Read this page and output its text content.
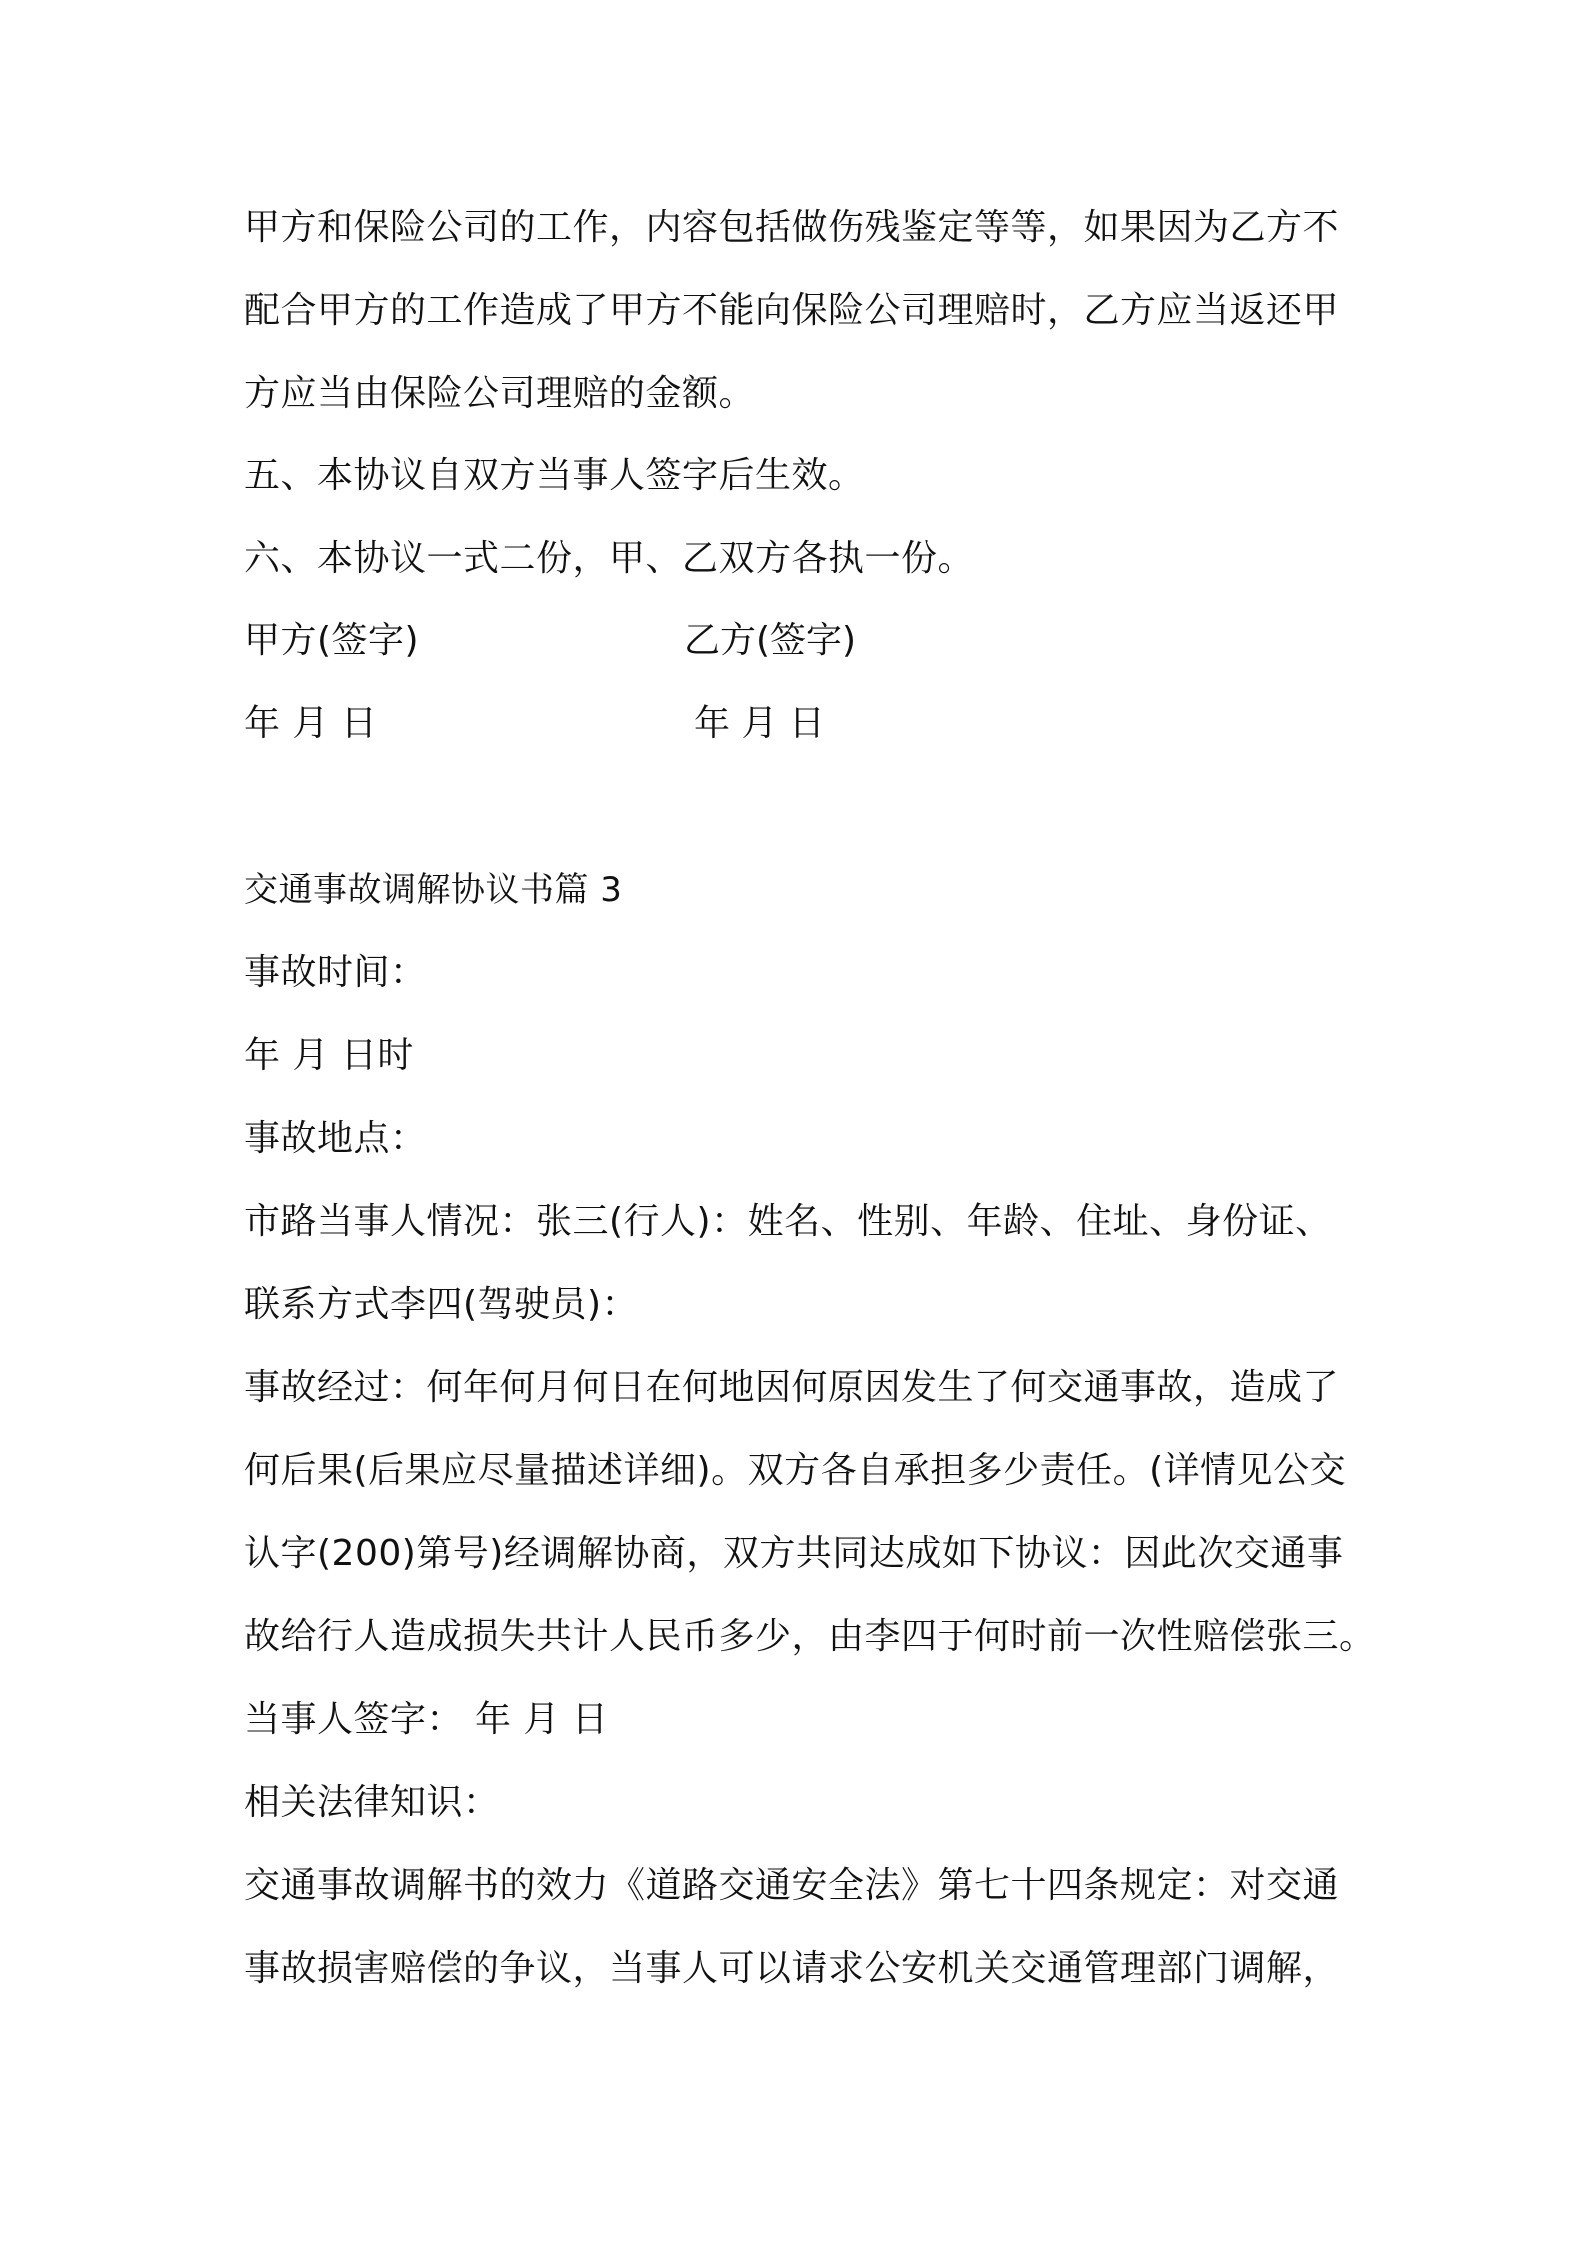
甲方和保险公司的工作，内容包括做伤残鉴定等等，如果因为乙方不
配合甲方的工作造成了甲方不能向保险公司理赔时，乙方应当返还甲
方应当由保险公司理赔的金额。
五、本协议自双方当事人签字后生效。
六、本协议一式二份，甲、乙双方各执一份。
甲方(签字)	乙方(签字)
年 月 日	年 月 日
交通事故调解协议书篇 3
事故时间：
年 月 日时
事故地点：
市路当事人情况：张三(行人)：姓名、性别、年龄、住址、身份证、
联系方式李四(驾驶员)：
事故经过：何年何月何日在何地因何原因发生了何交通事故，造成了
何后果(后果应尽量描述详细)。双方各自承担多少责任。(详情见公交
认字(200)第号)经调解协商，双方共同达成如下协议：因此次交通事
故给行人造成损失共计人民币多少，由李四于何时前一次性赔偿张三。
当事人签字： 年 月 日
相关法律知识：
交通事故调解书的效力《道路交通安全法》第七十四条规定：对交通
事故损害赔偿的争议，当事人可以请求公安机关交通管理部门调解，
